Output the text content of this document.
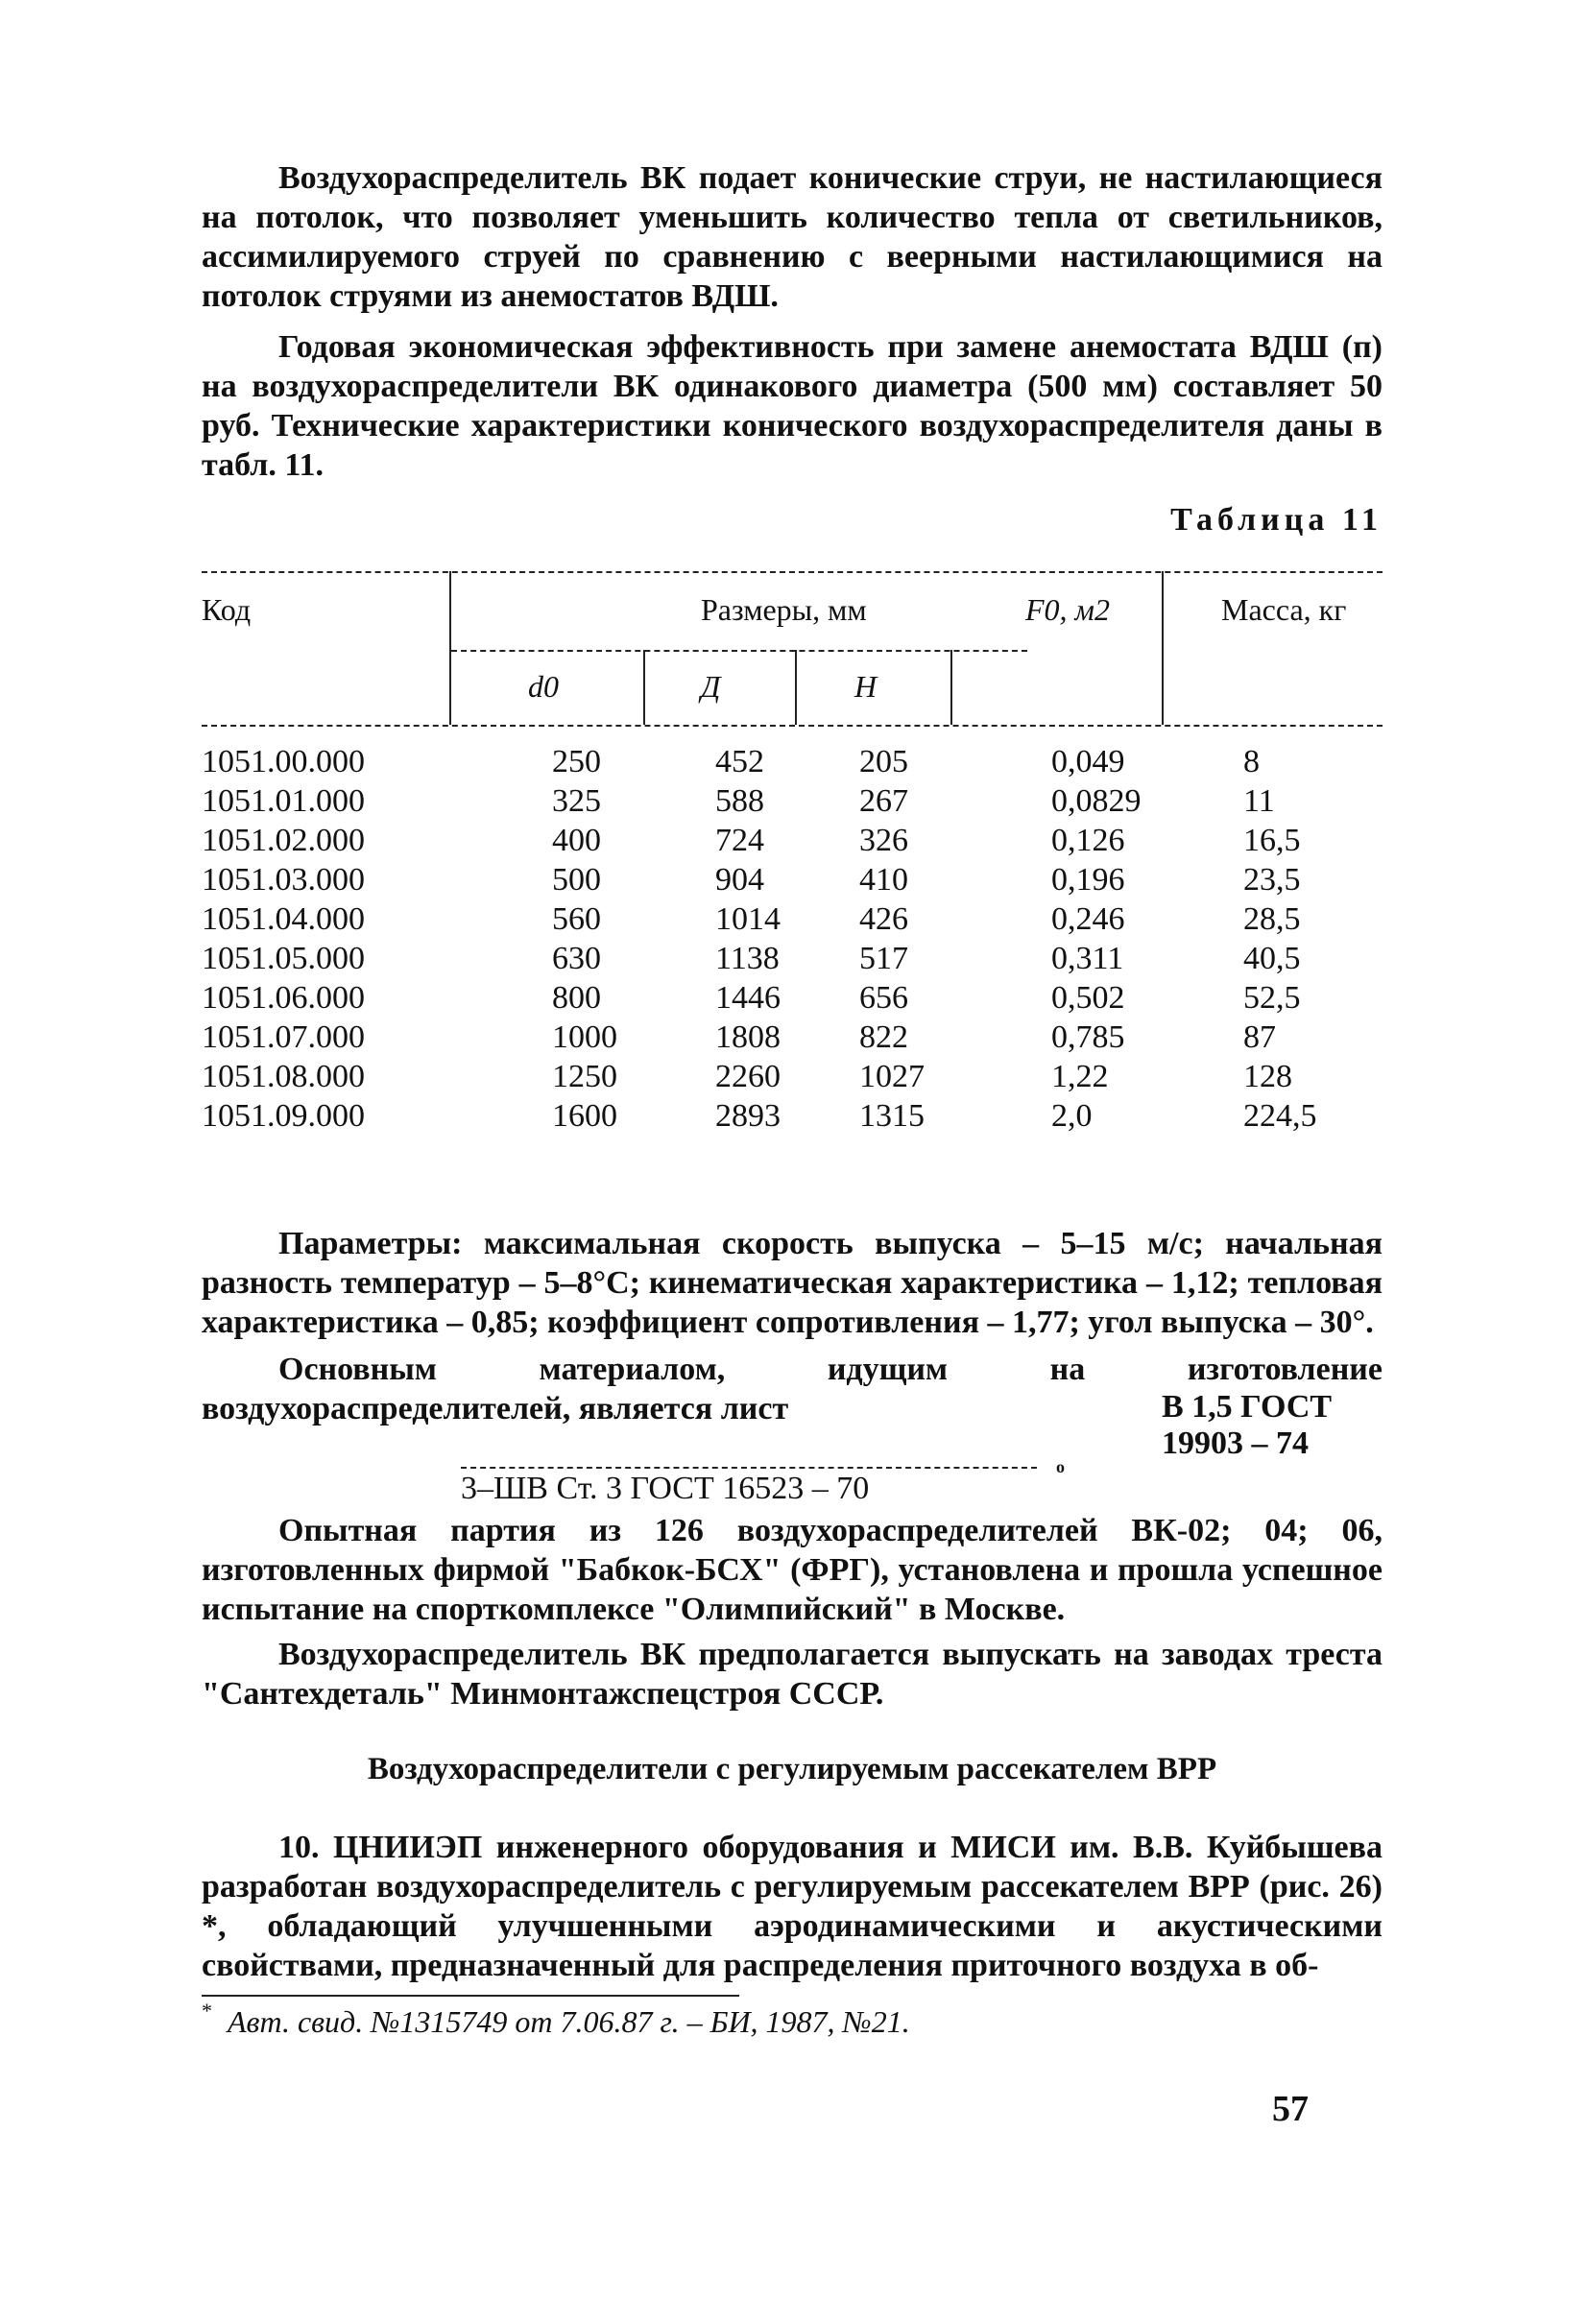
Воздухораспределитель ВК подает конические струи, не настилающиеся на потолок, что позволяет уменьшить количество тепла от светильников, ассимилируемого струей по сравнению с веерными настилающимися на потолок струями из анемостатов ВДШ.

Годовая экономическая эффективность при замене анемостата ВДШ (п) на воздухораспределители ВК одинакового диаметра (500 мм) составляет 50 руб. Технические характеристики конического воздухораспределителя даны в табл. 11.

Таблица 11
Код	Размеры, мм	F0, м2	Масса, кг
d0	Д	Н
1051.00.000	250	452	205	0,049	8
1051.01.000	325	588	267	0,0829	11
1051.02.000	400	724	326	0,126	16,5
1051.03.000	500	904	410	0,196	23,5
1051.04.000	560	1014	426	0,246	28,5
1051.05.000	630	1138	517	0,311	40,5
1051.06.000	800	1446	656	0,502	52,5
1051.07.000	1000	1808	822	0,785	87
1051.08.000	1250	2260	1027	1,22	128
1051.09.000	1600	2893	1315	2,0	224,5

Параметры: максимальная скорость выпуска – 5–15 м/с; начальная разность температур – 5–8°С; кинематическая характеристика – 1,12; тепловая характеристика – 0,85; коэффициент сопротивления – 1,77; угол выпуска – 30°.

Основным материалом, идущим на изготовление воздухораспределителей, является лист	В 1,5 ГОСТ 19903 – 74
3–ШВ Ст. 3 ГОСТ 16523 – 70
о

Опытная партия из 126 воздухораспределителей ВК-02; 04; 06, изготовленных фирмой "Бабкок-БСХ" (ФРГ), установлена и прошла успешное испытание на спорткомплексе "Олимпийский" в Москве.

Воздухораспределитель ВК предполагается выпускать на заводах треста "Сантехдеталь" Минмонтажспецстроя СССР.

Воздухораспределители с регулируемым рассекателем ВРР

10. ЦНИИЭП инженерного оборудования и МИСИ им. В.В. Куйбышева разработан воздухораспределитель с регулируемым рассекателем ВРР (рис. 26) *, обладающий улучшенными аэродинамическими и акустическими свойствами, предназначенный для распределения приточного воздуха в об-

* Авт. свид. №1315749 от 7.06.87 г. – БИ, 1987, №21.
57
